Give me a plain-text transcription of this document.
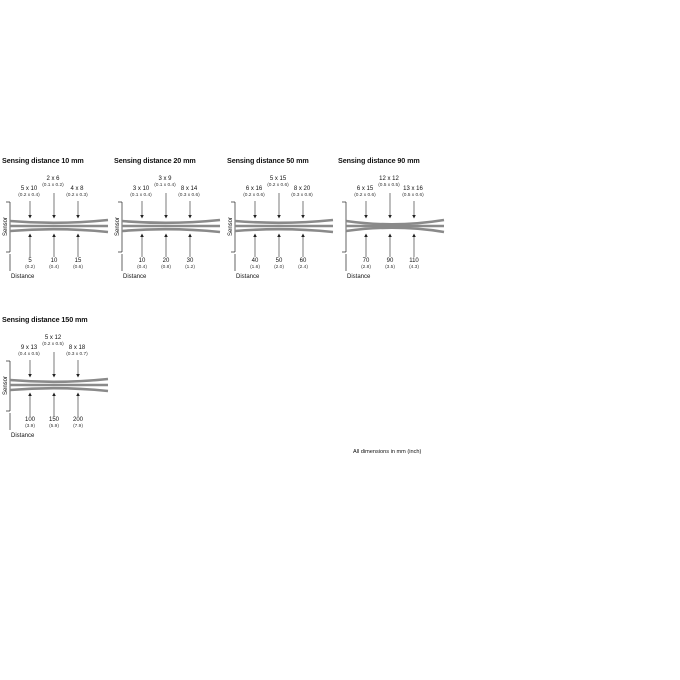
Sensing distance 10 mm
5 x 10
(0.2 x 0.4)
2 x 6
(0.1 x 0.2)
4 x 8
(0.2 x 0.3)
5
(0.2)
10
(0.4)
15
(0.6)
Sensor
Distance
Sensing distance 20 mm
3 x 10
(0.1 x 0.4)
3 x 9
(0.1 x 0.4)
8 x 14
(0.3 x 0.6)
10
(0.4)
20
(0.8)
30
(1.2)
Sensor
Distance
Sensing distance 50 mm
6 x 16
(0.2 x 0.6)
5 x 15
(0.2 x 0.6)
8 x 20
(0.3 x 0.8)
40
(1.6)
50
(2.0)
60
(2.4)
Sensor
Distance
Sensing distance 90 mm
6 x 15
(0.2 x 0.6)
12 x 12
(0.5 x 0.5)
13 x 16
(0.5 x 0.6)
70
(2.8)
90
(3.5)
110
(4.3)
Distance
Sensing distance 150 mm
9 x 13
(0.4 x 0.5)
5 x 12
(0.2 x 0.5)
8 x 18
(0.3 x 0.7)
100
(3.9)
150
(5.9)
200
(7.9)
Sensor
Distance
All dimensions in mm (inch)
